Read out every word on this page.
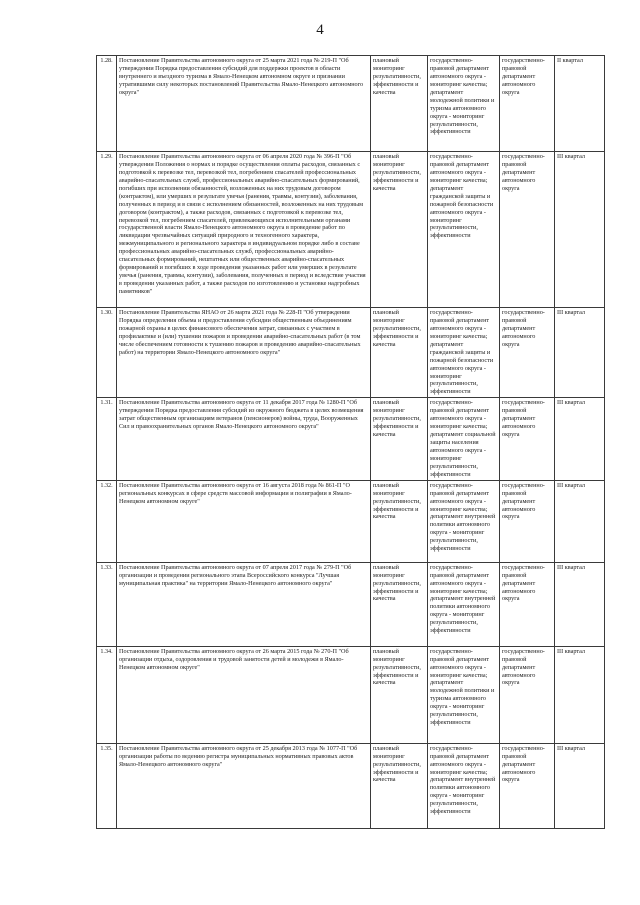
4
1.28.	Постановление Правительства автономного округа от 25 марта 2021 года № 219-П "Об утверждении Порядка предоставления субсидий для поддержки проектов в области внутреннего и въездного туризма в Ямало-Ненецком автономном округе и признании утратившими силу некоторых постановлений Правительства Ямало-Ненецкого автономного округа"	плановый мониторинг результативности, эффективности и качества	государственно-правовой департамент автономного округа - мониторинг качества; департамент молодежной политики и туризма автономного округа - мониторинг результативности, эффективности	государственно-правовой департамент автономного округа	II квартал
1.29.	Постановление Правительства автономного округа от 06 апреля 2020 года № 396-П "Об утверждении Положения о нормах и порядке осуществления оплаты расходов, связанных с подготовкой к перевозке тел, перевозкой тел, погребением спасателей профессиональных аварийно-спасательных служб, профессиональных аварийно-спасательных формирований, погибших при исполнении обязанностей, возложенных на них трудовым договором (контрактом), или умерших в результате увечья (ранения, травмы, контузии), заболевания, полученных в период и в связи с исполнением обязанностей, возложенных на них трудовым договором (контрактом), а также расходов, связанных с подготовкой к перевозке тел, перевозкой тел, погребением спасателей, привлекающихся исполнительными органами государственной власти Ямало-Ненецкого автономного округа в проведение работ по ликвидации чрезвычайных ситуаций природного и техногенного характера, межмуниципального и регионального характера в индивидуальном порядке либо в составе профессиональных аварийно-спасательных служб, профессиональных аварийно-спасательных формирований, нештатных или общественных аварийно-спасательных формирований и погибших в ходе проведения указанных работ или умерших в результате увечья (ранения, травмы, контузии), заболевания, полученных в период и вследствие участия в проведении указанных работ, а также расходов по изготовлению и установке надгробных памятников"	плановый мониторинг результативности, эффективности и качества	государственно-правовой департамент автономного округа - мониторинг качества; департамент гражданской защиты и пожарной безопасности автономного округа - мониторинг результативности, эффективности	государственно-правовой департамент автономного округа	III квартал
1.30.	Постановление Правительства ЯНАО от 26 марта 2021 года № 228-П "Об утверждении Порядка определения объема и предоставления субсидии общественным объединениям пожарной охраны в целях финансового обеспечения затрат, связанных с участием в профилактике и (или) тушении пожаров и проведении аварийно-спасательных работ (в том числе обеспечением готовности к тушению пожаров и проведению аварийно-спасательных работ) на территории Ямало-Ненецкого автономного округа"	плановый мониторинг результативности, эффективности и качества	государственно-правовой департамент автономного округа - мониторинг качества; департамент гражданской защиты и пожарной безопасности автономного округа - мониторинг результативности, эффективности	государственно-правовой департамент автономного округа	III квартал
1.31.	Постановление Правительства автономного округа от 11 декабря 2017 года № 1280-П "Об утверждении Порядка предоставления субсидий из окружного бюджета в целях возмещения затрат общественным организациям ветеранов (пенсионеров) войны, труда, Вооруженных Сил и правоохранительных органов Ямало-Ненецкого автономного округа"	плановый мониторинг результативности, эффективности и качества	государственно-правовой департамент автономного округа - мониторинг качества; департамент социальной защиты населения автономного округа - мониторинг результативности, эффективности	государственно-правовой департамент автономного округа	III квартал
1.32.	Постановление Правительства автономного округа от 16 августа 2018 года № 861-П "О региональных конкурсах в сфере средств массовой информации и полиграфии в Ямало-Ненецком автономном округе"	плановый мониторинг результативности, эффективности и качества	государственно-правовой департамент автономного округа - мониторинг качества; департамент внутренней политики автономного округа - мониторинг результативности, эффективности	государственно-правовой департамент автономного округа	III квартал
1.33.	Постановление Правительства автономного округа от 07 апреля 2017 года № 279-П "Об организации и проведении регионального этапа Всероссийского конкурса "Лучшая муниципальная практика" на территории Ямало-Ненецкого автономного округа"	плановый мониторинг результативности, эффективности и качества	государственно-правовой департамент автономного округа - мониторинг качества; департамент внутренней политики автономного округа - мониторинг результативности, эффективности	государственно-правовой департамент автономного округа	III квартал
1.34.	Постановление Правительства автономного округа от 26 марта 2015 года № 270-П "Об организации отдыха, оздоровления и трудовой занятости детей и молодежи в Ямало-Ненецком автономном округе"	плановый мониторинг результативности, эффективности и качества	государственно-правовой департамент автономного округа - мониторинг качества; департамент молодежной политики и туризма автономного округа - мониторинг результативности, эффективности	государственно-правовой департамент автономного округа	III квартал
1.35.	Постановление Правительства автономного округа от 25 декабря 2013 года № 1077-П "Об организации работы по ведению регистра муниципальных нормативных правовых актов Ямало-Ненецкого автономного округа"	плановый мониторинг результативности, эффективности и качества	государственно-правовой департамент автономного округа - мониторинг качества; департамент внутренней политики автономного округа - мониторинг результативности, эффективности	государственно-правовой департамент автономного округа	III квартал
